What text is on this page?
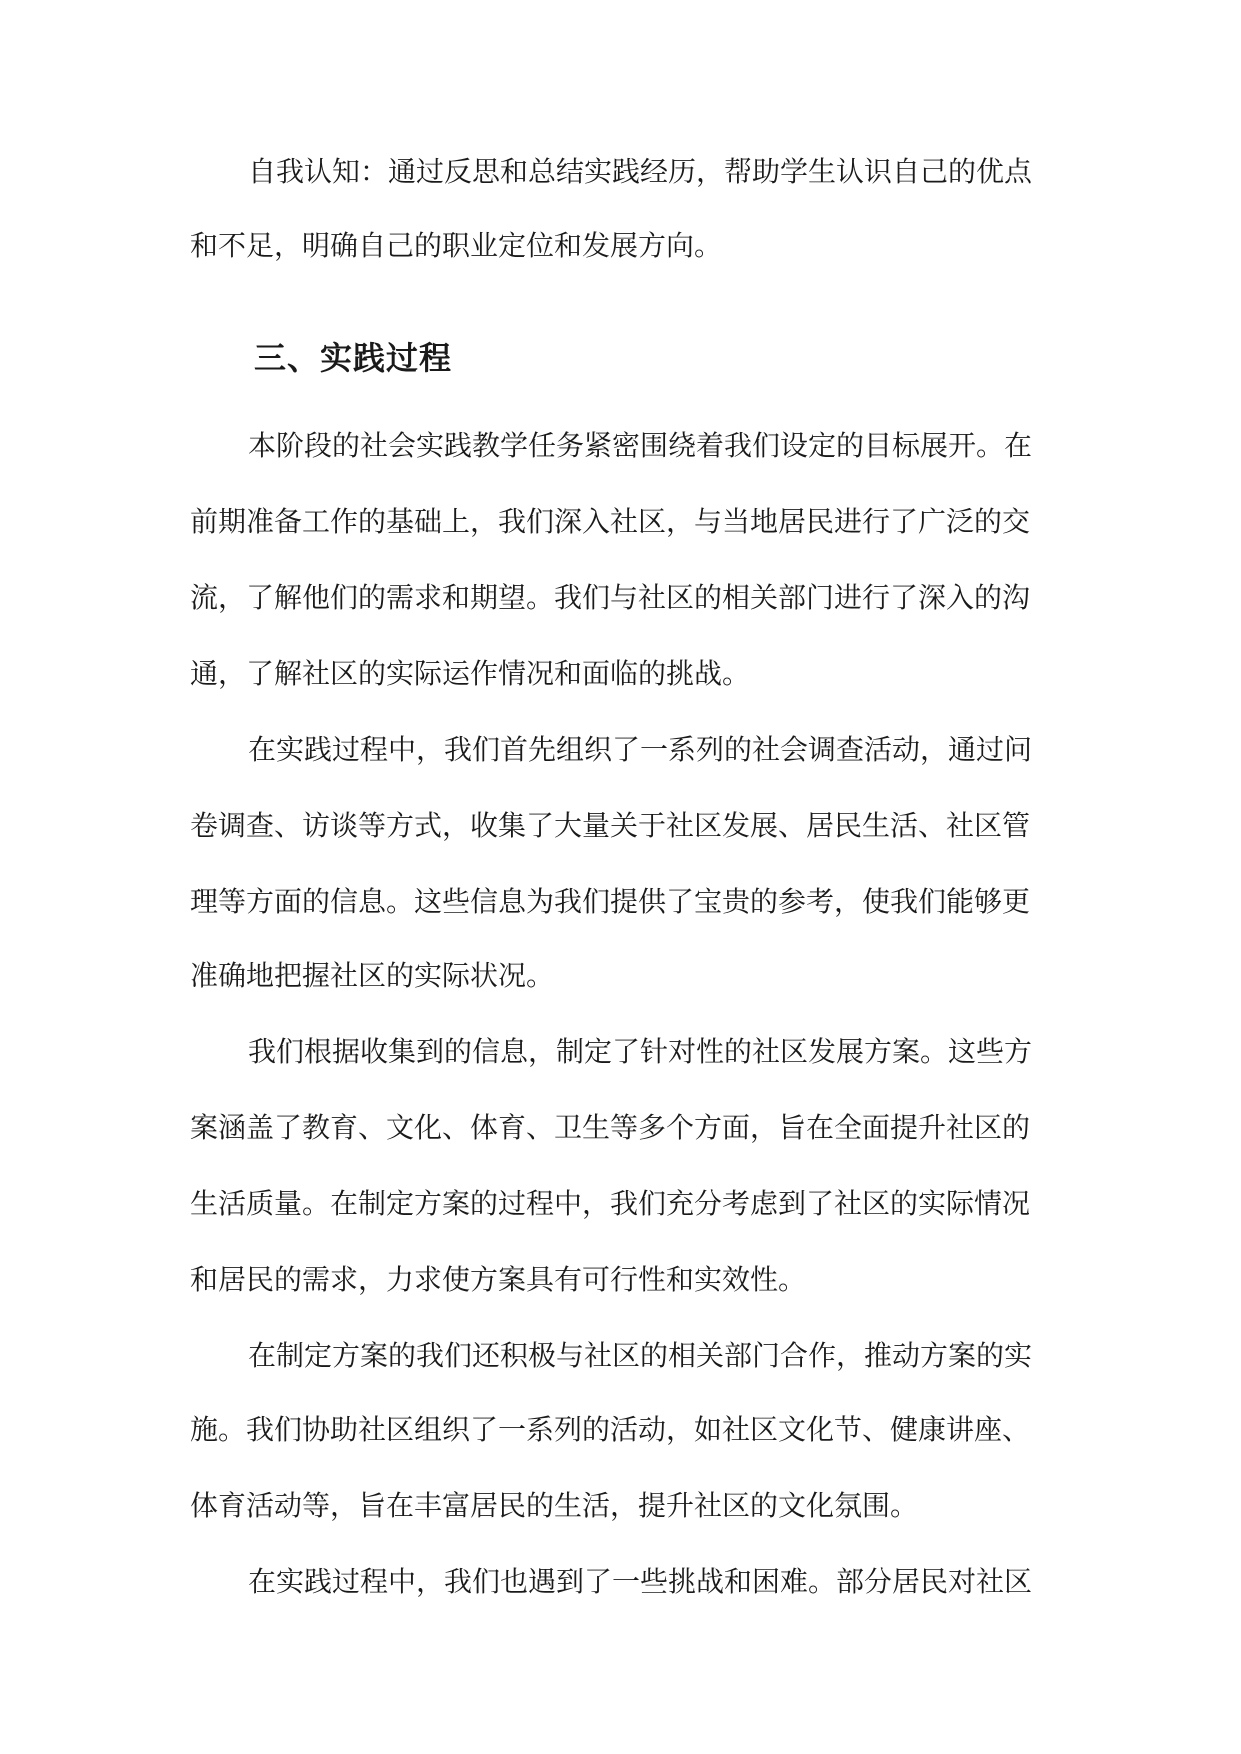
自我认知：通过反思和总结实践经历，帮助学生认识自己的优点
和不足，明确自己的职业定位和发展方向。
三、实践过程
本阶段的社会实践教学任务紧密围绕着我们设定的目标展开。在
前期准备工作的基础上，我们深入社区，与当地居民进行了广泛的交
流，了解他们的需求和期望。我们与社区的相关部门进行了深入的沟
通，了解社区的实际运作情况和面临的挑战。
在实践过程中，我们首先组织了一系列的社会调查活动，通过问
卷调查、访谈等方式，收集了大量关于社区发展、居民生活、社区管
理等方面的信息。这些信息为我们提供了宝贵的参考，使我们能够更
准确地把握社区的实际状况。
我们根据收集到的信息，制定了针对性的社区发展方案。这些方
案涵盖了教育、文化、体育、卫生等多个方面，旨在全面提升社区的
生活质量。在制定方案的过程中，我们充分考虑到了社区的实际情况
和居民的需求，力求使方案具有可行性和实效性。
在制定方案的我们还积极与社区的相关部门合作，推动方案的实
施。我们协助社区组织了一系列的活动，如社区文化节、健康讲座、
体育活动等，旨在丰富居民的生活，提升社区的文化氛围。
在实践过程中，我们也遇到了一些挑战和困难。部分居民对社区
